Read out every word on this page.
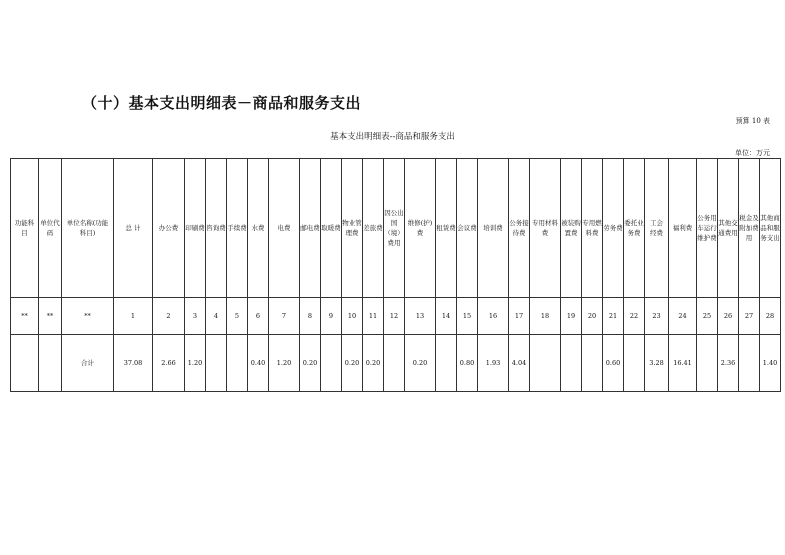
（十）基本支出明细表－商品和服务支出
预算 10 表
基本支出明细表--商品和服务支出
单位：万元
功能科目	单位代码	单位名称(功能科目)	总 计	办公费	印刷费	咨询费	手续费	水费	电费	邮电费	取暖费	物业管理费	差旅费	因公出国（境）费用	维修(护)费	租赁费	会议费	培训费	公务接待费	专用材料费	被装购置费	专用燃料费	劳务费	委托业务费	工会经费	福利费	公务用车运行维护费	其他交通费用	税金及附加费用	其他商品和服务支出
**	**	**	1	2	3	4	5	6	7	8	9	10	11	12	13	14	15	16	17	18	19	20	21	22	23	24	25	26	27	28
		合计	37.08	2.66	1.20			0.40	1.20	0.20		0.20	0.20		0.20		0.80	1.93	4.04				0.60		3.28	16.41		2.36		1.40
